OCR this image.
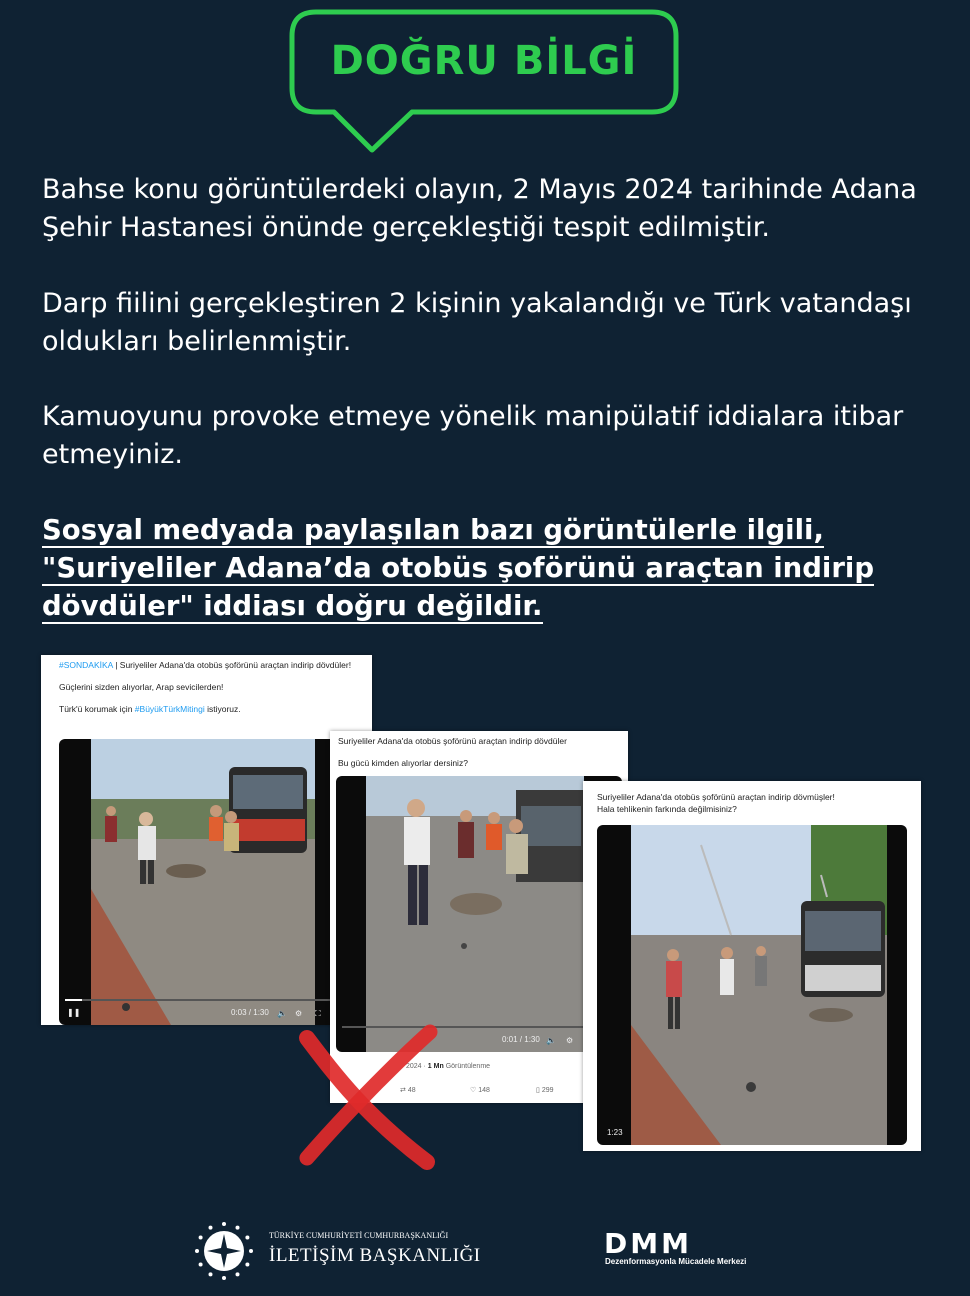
DOĞRU BİLGİ

Bahse konu görüntülerdeki olayın, 2 Mayıs 2024 tarihinde Adana Şehir Hastanesi önünde gerçekleştiği tespit edilmiştir.

Darp fiilini gerçekleştiren 2 kişinin yakalandığı ve Türk vatandaşı oldukları belirlenmiştir.

Kamuoyunu provoke etmeye yönelik manipülatif iddialara itibar etmeyiniz.

Sosyal medyada paylaşılan bazı görüntülerle ilgili,
"Suriyeliler Adana’da otobüs şoförünü araçtan indirip
dövdüler" iddiası doğru değildir.

#SONDAKİKA | Suriyeliler Adana'da otobüs şoförünü araçtan indirip dövdüler!

Güçlerini sizden alıyorlar, Arap sevicilerden!

Türk'ü korumak için #BüyükTürkMitingi istiyoruz.

❚❚	0:03 / 1:30 🔈 ⚙ ⛶

Suriyeliler Adana'da otobüs şoförünü araçtan indirip dövdüler

Bu gücü kimden alıyorlar dersiniz?

0:01 / 1:30 🔈 ⚙
2024 · 1 Mn Görüntülenme
⇄ 48	♡ 148	▯ 299

Suriyeliler Adana'da otobüs şoförünü araçtan indirip dövmüşler!
Hala tehlikenin farkında değilmisiniz?

1:23
TÜRKİYE CUMHURİYETİ CUMHURBAŞKANLIĞI
İLETİŞİM BAŞKANLIĞI	DMM
Dezenformasyonla Mücadele Merkezi
